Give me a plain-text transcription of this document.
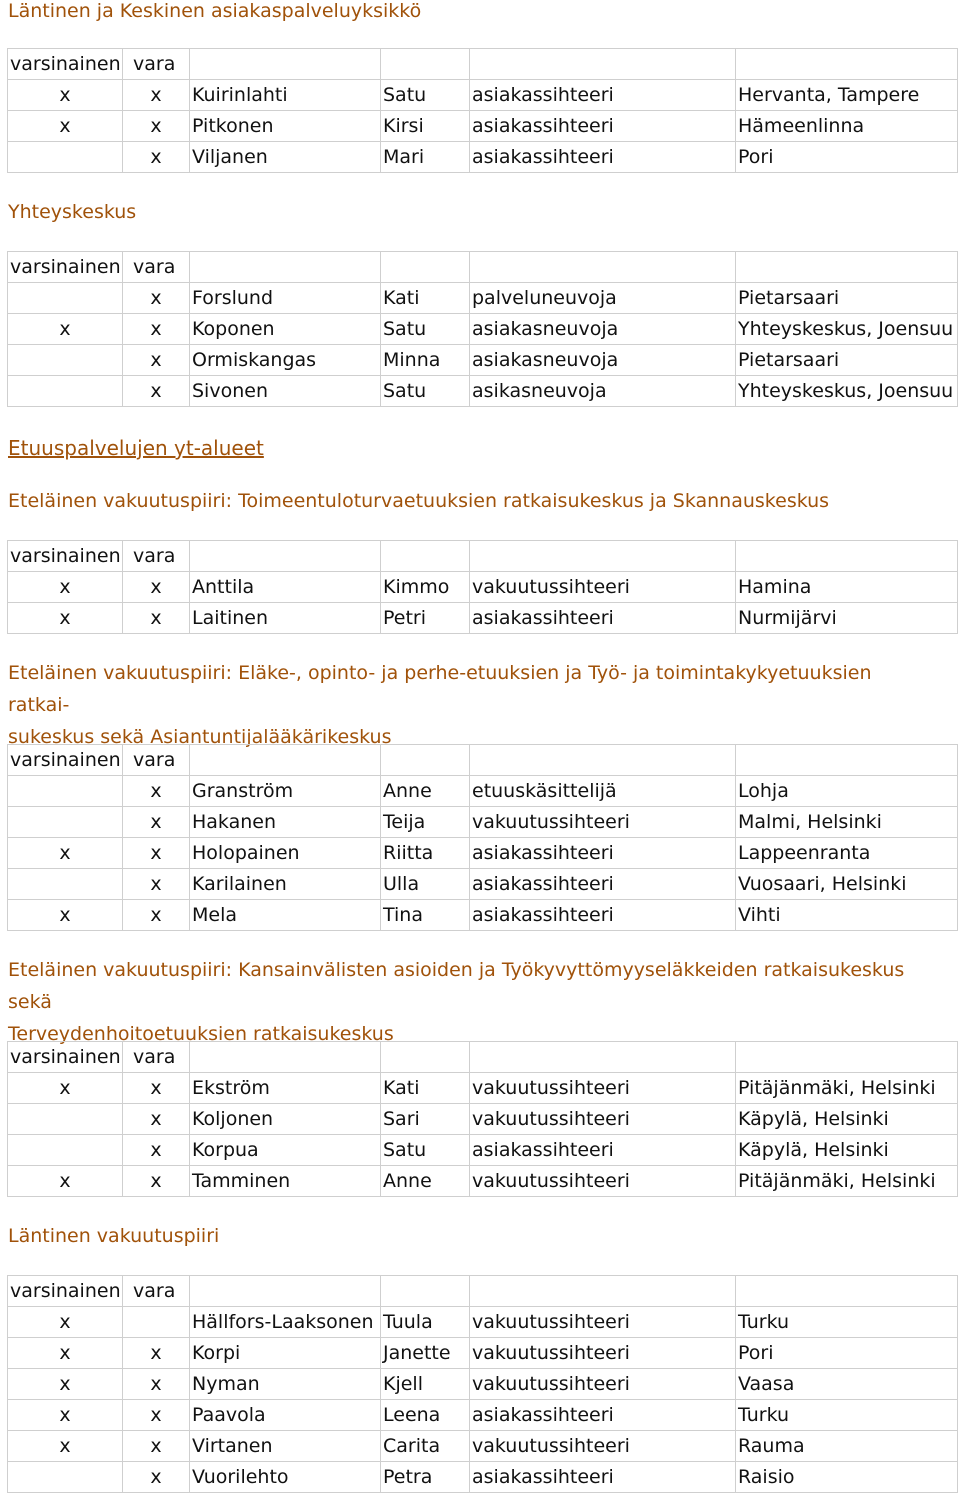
Läntinen ja Keskinen asiakaspalveluyksikkö
varsinainen	vara				
x	x	Kuirinlahti	Satu	asiakassihteeri	Hervanta, Tampere
x	x	Pitkonen	Kirsi	asiakassihteeri	Hämeenlinna
	x	Viljanen	Mari	asiakassihteeri	Pori
Yhteyskeskus
varsinainen	vara				
	x	Forslund	Kati	palveluneuvoja	Pietarsaari
x	x	Koponen	Satu	asiakasneuvoja	Yhteyskeskus, Joensuu
	x	Ormiskangas	Minna	asiakasneuvoja	Pietarsaari
	x	Sivonen	Satu	asikasneuvoja	Yhteyskeskus, Joensuu
Etuuspalvelujen yt-alueet
Eteläinen vakuutuspiiri: Toimeentuloturvaetuuksien ratkaisukeskus ja Skannauskeskus
varsinainen	vara				
x	x	Anttila	Kimmo	vakuutussihteeri	Hamina
x	x	Laitinen	Petri	asiakassihteeri	Nurmijärvi
Eteläinen vakuutuspiiri: Eläke-, opinto- ja perhe-etuuksien ja Työ- ja toimintakykyetuuksien ratkai-
sukeskus sekä Asiantuntijalääkärikeskus
varsinainen	vara				
	x	Granström	Anne	etuuskäsittelijä	Lohja
	x	Hakanen	Teija	vakuutussihteeri	Malmi, Helsinki
x	x	Holopainen	Riitta	asiakassihteeri	Lappeenranta
	x	Karilainen	Ulla	asiakassihteeri	Vuosaari, Helsinki
x	x	Mela	Tina	asiakassihteeri	Vihti
Eteläinen vakuutuspiiri: Kansainvälisten asioiden ja Työkyvyttömyyseläkkeiden ratkaisukeskus sekä
Terveydenhoitoetuuksien ratkaisukeskus
varsinainen	vara				
x	x	Ekström	Kati	vakuutussihteeri	Pitäjänmäki, Helsinki
	x	Koljonen	Sari	vakuutussihteeri	Käpylä, Helsinki
	x	Korpua	Satu	asiakassihteeri	Käpylä, Helsinki
x	x	Tamminen	Anne	vakuutussihteeri	Pitäjänmäki, Helsinki
Läntinen vakuutuspiiri
varsinainen	vara				
x		Hällfors-Laaksonen	Tuula	vakuutussihteeri	Turku
x	x	Korpi	Janette	vakuutussihteeri	Pori
x	x	Nyman	Kjell	vakuutussihteeri	Vaasa
x	x	Paavola	Leena	asiakassihteeri	Turku
x	x	Virtanen	Carita	vakuutussihteeri	Rauma
	x	Vuorilehto	Petra	asiakassihteeri	Raisio
